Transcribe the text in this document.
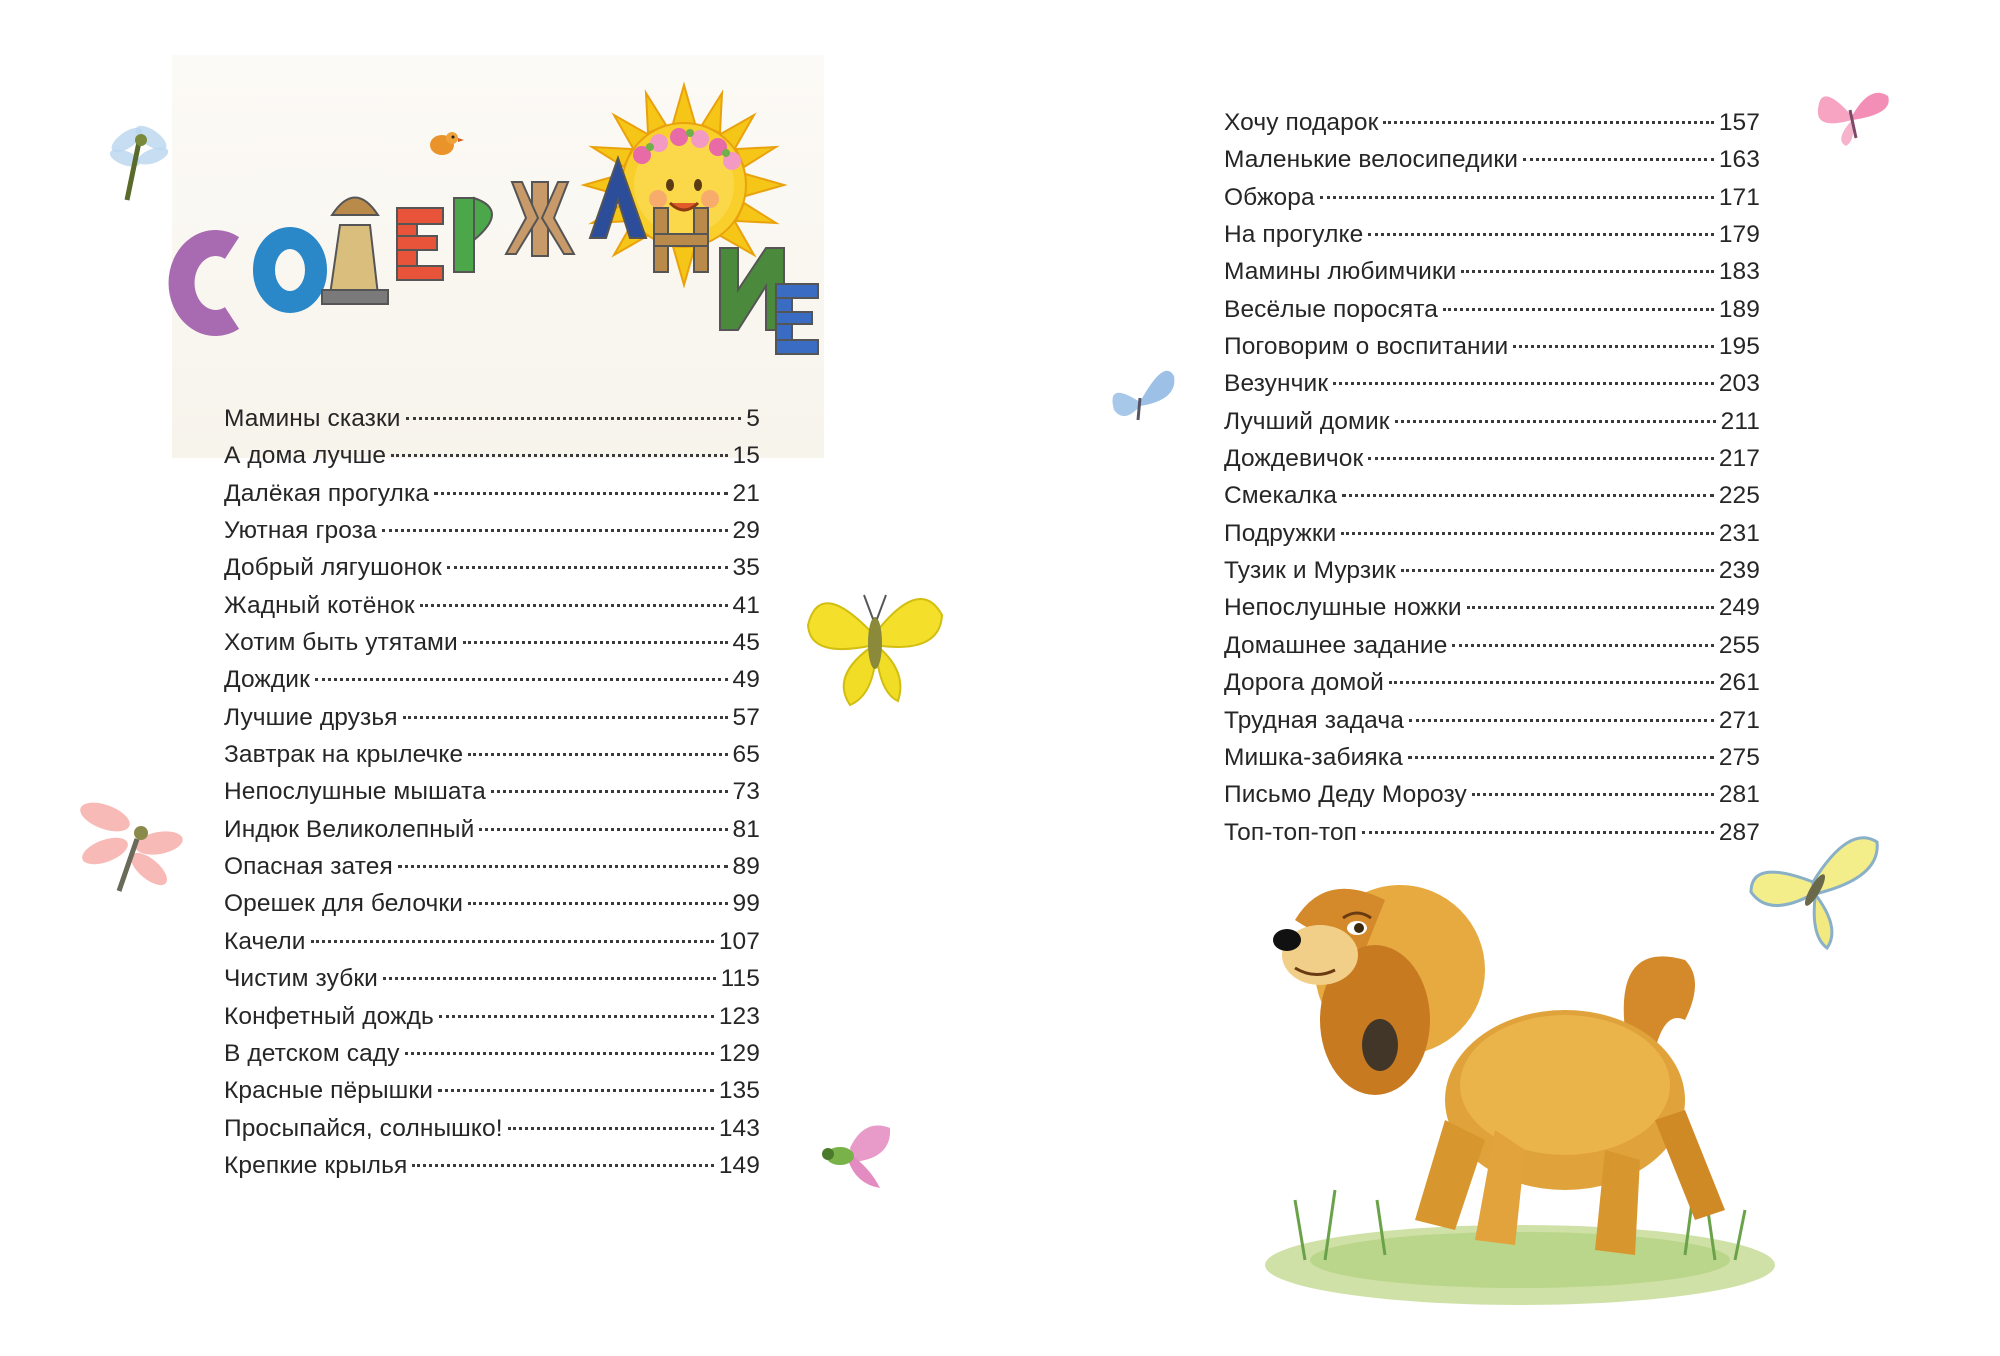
СОДЕРЖАНИЕ
Мамины сказки	5
А дома лучше	15
Далёкая прогулка	21
Уютная гроза	29
Добрый лягушонок	35
Жадный котёнок	41
Хотим быть утятами	45
Дождик	49
Лучшие друзья	57
Завтрак на крылечке	65
Непослушные мышата	73
Индюк Великолепный	81
Опасная затея	89
Орешек для белочки	99
Качели	107
Чистим зубки	115
Конфетный дождь	123
В детском саду	129
Красные пёрышки	135
Просыпайся, солнышко!	143
Крепкие крылья	149
Хочу подарок	157
Маленькие велосипедики	163
Обжора	171
На прогулке	179
Мамины любимчики	183
Весёлые поросята	189
Поговорим о воспитании	195
Везунчик	203
Лучший домик	211
Дождевичок	217
Смекалка	225
Подружки	231
Тузик и Мурзик	239
Непослушные ножки	249
Домашнее задание	255
Дорога домой	261
Трудная задача	271
Мишка-забияка	275
Письмо Деду Морозу	281
Топ-топ-топ	287
